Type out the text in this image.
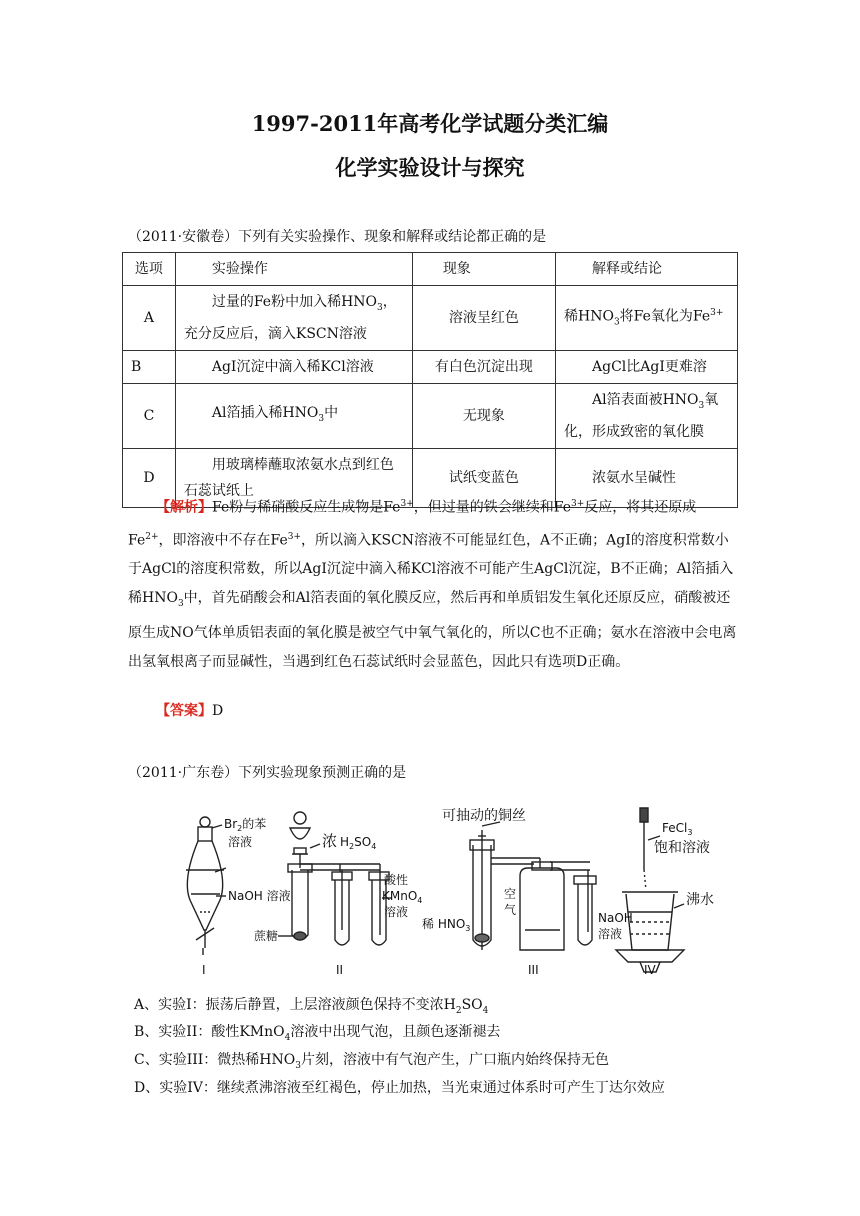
1997-2011年高考化学试题分类汇编
化学实验设计与探究
（2011·安徽卷）下列有关实验操作、现象和解释或结论都正确的是
选项	实验操作	现象	解释或结论
A	过量的Fe粉中加入稀$HNO_3$，充分反应后，滴入KSCN溶液	溶液呈红色	稀$HNO_3$将Fe氧化为$Fe^{3+}$
B	AgI沉淀中滴入稀KCl溶液	有白色沉淀出现	AgCl比AgI更难溶
C	Al箔插入稀$HNO_3$中	无现象	Al箔表面被$HNO_3$氧化，形成致密的氧化膜
D	用玻璃棒蘸取浓氨水点到红色石蕊试纸上	试纸变蓝色	浓氨水呈碱性
【解析】Fe粉与稀硝酸反应生成物是$Fe^{3+}$，但过量的铁会继续和$Fe^{3+}$反应，将其还原成$Fe^{2+}$，即溶液中不存在$Fe^{3+}$，所以滴入KSCN溶液不可能显红色，A不正确；AgI的溶度积常数小于AgCl的溶度积常数，所以AgI沉淀中滴入稀KCl溶液不可能产生AgCl沉淀，B不正确；Al箔插入稀$HNO_3$中，首先硝酸会和Al箔表面的氧化膜反应，然后再和单质铝发生氧化还原反应，硝酸被还原生成NO气体单质铝表面的氧化膜是被空气中氧气氧化的，所以C也不正确；氨水在溶液中会电离出氢氧根离子而显碱性，当遇到红色石蕊试纸时会显蓝色，因此只有选项D正确。
【答案】D
（2011·广东卷）下列实验现象预测正确的是
$Br_2$的苯
溶液
NaOH 溶液
浓 $H_2SO_4$
酸性
KMnO$_4$
溶液
蔗糖
可抽动的铜丝
空
气
稀 $HNO_3$
NaOH
溶液
FeCl$_3$
饱和溶液
沸水
I	II	III	IV
A、实验I：振荡后静置，上层溶液颜色保持不变浓$H_2SO_4$
B、实验II：酸性KMnO$_4$溶液中出现气泡，且颜色逐渐褪去
C、实验III：微热稀$HNO_3$片刻，溶液中有气泡产生，广口瓶内始终保持无色
D、实验IV：继续煮沸溶液至红褐色，停止加热，当光束通过体系时可产生丁达尔效应
